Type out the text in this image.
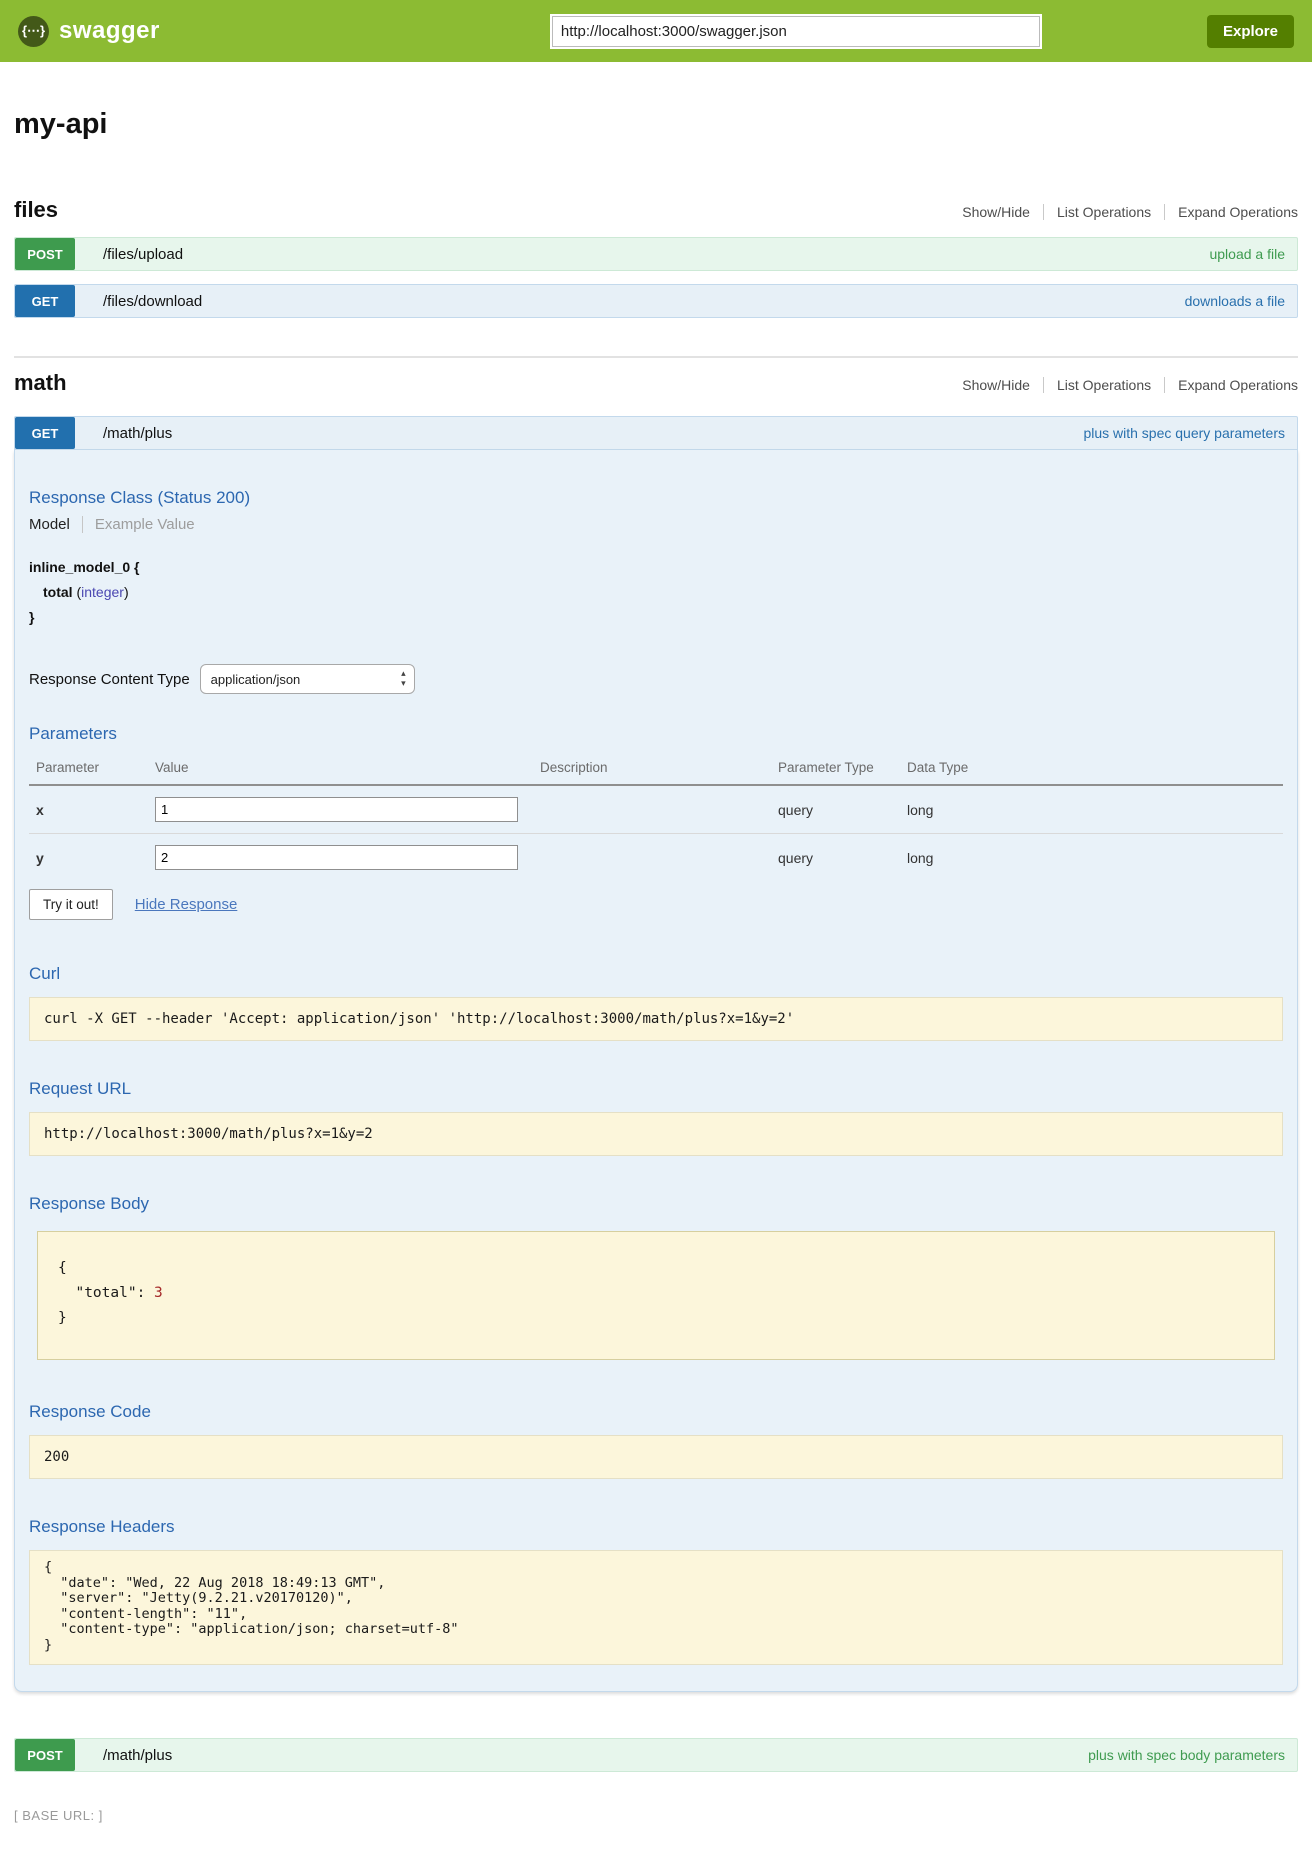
{⋯} swagger
http://localhost:3000/swagger.json	Explore
my-api
files	Show/Hide List Operations Expand Operations
POST	/files/upload	upload a file
GET	/files/download	downloads a file
math	Show/Hide List Operations Expand Operations
GET	/math/plus	plus with spec query parameters
Response Class (Status 200)
Model	Example Value
inline_model_0 {
total (integer)
}
Response Content Type
application/json	▴
▾
Parameters
Parameter	Value	Description	Parameter Type	Data Type
x	1		query	long
y	2		query	long
Try it out!	Hide Response
Curl
curl -X GET --header 'Accept: application/json' 'http://localhost:3000/math/plus?x=1&y=2'
Request URL
http://localhost:3000/math/plus?x=1&y=2
Response Body
{
"total": 3
}
Response Code
200
Response Headers
{
"date": "Wed, 22 Aug 2018 18:49:13 GMT",
"server": "Jetty(9.2.21.v20170120)",
"content-length": "11",
"content-type": "application/json; charset=utf-8"
}
POST	/math/plus	plus with spec body parameters
[ BASE URL: ]
